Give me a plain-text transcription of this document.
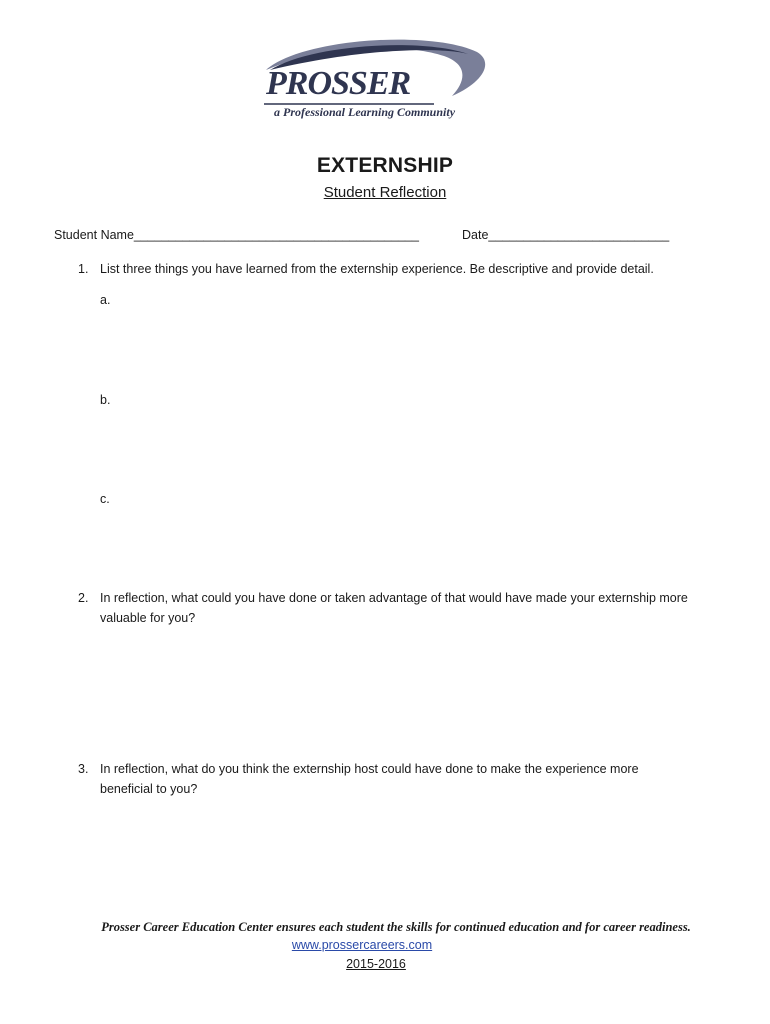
PROSSER
a Professional Learning Community
EXTERNSHIP
Student Reflection
Student Name_________________________________________	Date__________________________
1. List three things you have learned from the externship experience. Be descriptive and provide detail.
a.
b.
c.
2. In reflection, what could you have done or taken advantage of that would have made your externship more valuable for you?
3. In reflection, what do you think the externship host could have done to make the experience more beneficial to you?
Prosser Career Education Center ensures each student the skills for continued education and for career readiness.
www.prossercareers.com
2015-2016
